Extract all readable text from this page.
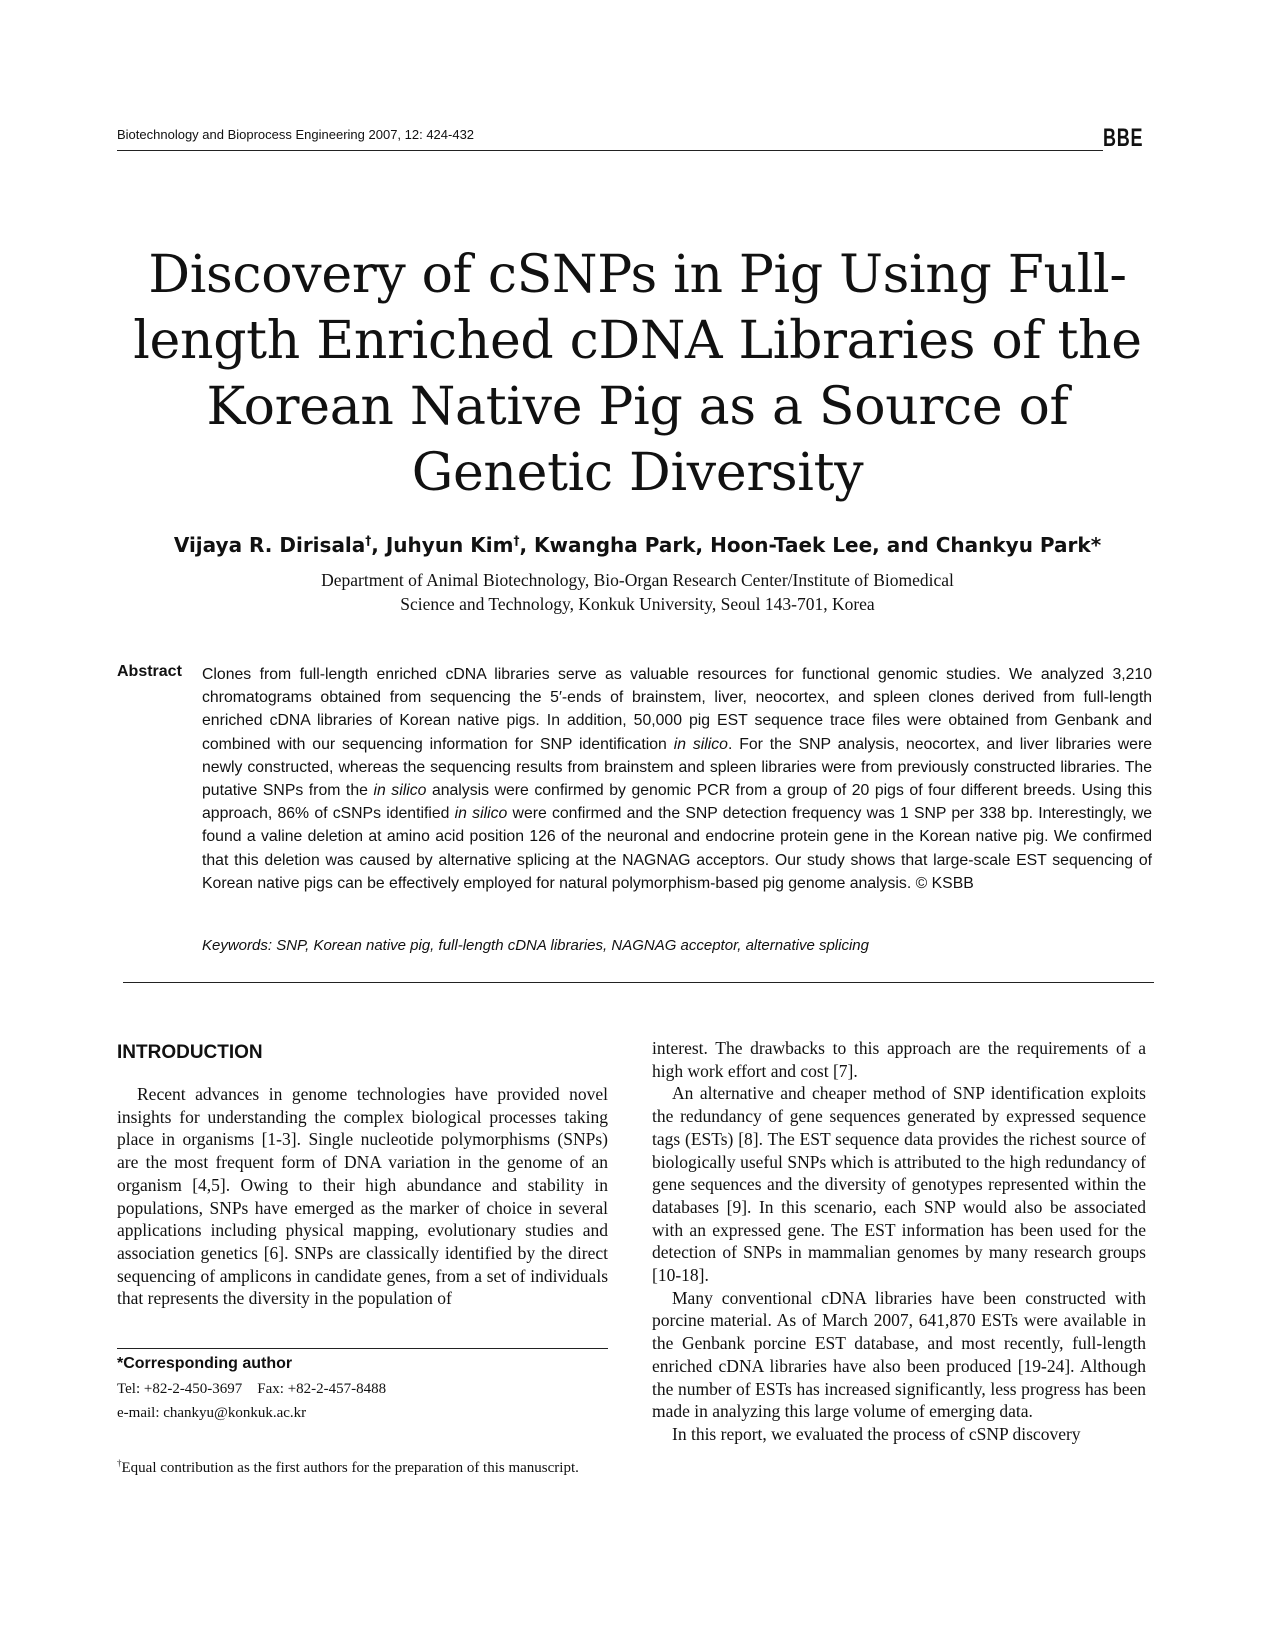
Biotechnology and Bioprocess Engineering 2007, 12: 424-432	BBE
Discovery of cSNPs in Pig Using Full-length Enriched cDNA Libraries of the Korean Native Pig as a Source of Genetic Diversity
Vijaya R. Dirisala†, Juhyun Kim†, Kwangha Park, Hoon-Taek Lee, and Chankyu Park*
Department of Animal Biotechnology, Bio-Organ Research Center/Institute of Biomedical
Science and Technology, Konkuk University, Seoul 143-701, Korea
Abstract Clones from full-length enriched cDNA libraries serve as valuable resources for functional genomic studies. We analyzed 3,210 chromatograms obtained from sequencing the 5′-ends of brainstem, liver, neocortex, and spleen clones derived from full-length enriched cDNA libraries of Korean native pigs. In addition, 50,000 pig EST sequence trace files were obtained from Genbank and combined with our sequencing information for SNP identification in silico. For the SNP analysis, neocortex, and liver libraries were newly constructed, whereas the sequencing results from brainstem and spleen libraries were from previously constructed libraries. The putative SNPs from the in silico analysis were confirmed by genomic PCR from a group of 20 pigs of four different breeds. Using this approach, 86% of cSNPs identified in silico were confirmed and the SNP detection frequency was 1 SNP per 338 bp. Interestingly, we found a valine deletion at amino acid position 126 of the neuronal and endocrine protein gene in the Korean native pig. We confirmed that this deletion was caused by alternative splicing at the NAGNAG acceptors. Our study shows that large-scale EST sequencing of Korean native pigs can be effectively employed for natural polymorphism-based pig genome analysis. © KSBB
Keywords: SNP, Korean native pig, full-length cDNA libraries, NAGNAG acceptor, alternative splicing
INTRODUCTION

Recent advances in genome technologies have provided novel insights for understanding the complex biological processes taking place in organisms [1-3]. Single nucleotide polymorphisms (SNPs) are the most frequent form of DNA variation in the genome of an organism [4,5]. Owing to their high abundance and stability in populations, SNPs have emerged as the marker of choice in several applications including physical mapping, evolutionary studies and association genetics [6]. SNPs are classically identified by the direct sequencing of amplicons in candidate genes, from a set of individuals that represents the diversity in the population of

interest. The drawbacks to this approach are the requirements of a high work effort and cost [7].

An alternative and cheaper method of SNP identification exploits the redundancy of gene sequences generated by expressed sequence tags (ESTs) [8]. The EST sequence data provides the richest source of biologically useful SNPs which is attributed to the high redundancy of gene sequences and the diversity of genotypes represented within the databases [9]. In this scenario, each SNP would also be associated with an expressed gene. The EST information has been used for the detection of SNPs in mammalian genomes by many research groups [10-18].

Many conventional cDNA libraries have been constructed with porcine material. As of March 2007, 641,870 ESTs were available in the Genbank porcine EST database, and most recently, full-length enriched cDNA libraries have also been produced [19-24]. Although the number of ESTs has increased significantly, less progress has been made in analyzing this large volume of emerging data.

In this report, we evaluated the process of cSNP discovery

*Corresponding author
Tel: +82-2-450-3697    Fax: +82-2-457-8488
e-mail: chankyu@konkuk.ac.kr
†Equal contribution as the first authors for the preparation of this manuscript.
